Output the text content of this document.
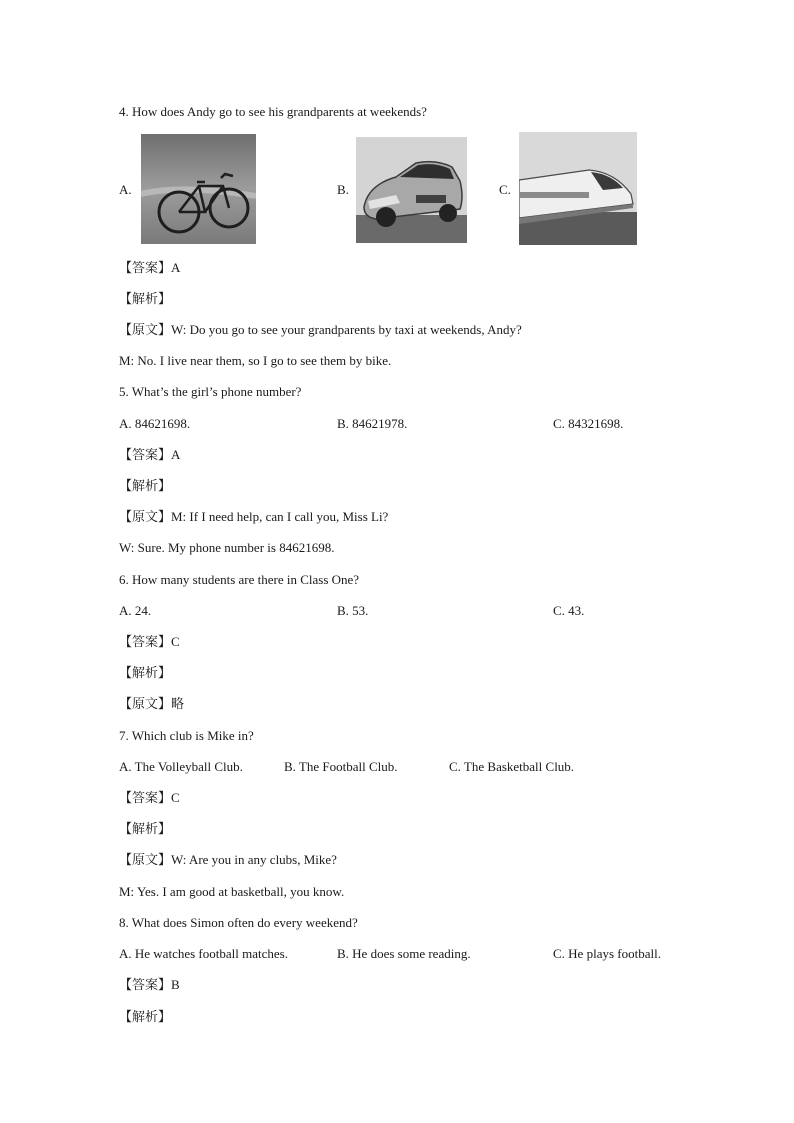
4. How does Andy go to see his grandparents at weekends?
A.	B.	C.
【答案】A
【解析】
【原文】W: Do you go to see your grandparents by taxi at weekends, Andy?
M: No. I live near them, so I go to see them by bike.
5. What’s the girl’s phone number?
A. 84621698.	B. 84621978.	C. 84321698.
【答案】A
【解析】
【原文】M: If I need help, can I call you, Miss Li?
W: Sure. My phone number is 84621698.
6. How many students are there in Class One?
A. 24.	B. 53.	C. 43.
【答案】C
【解析】
【原文】略
7. Which club is Mike in?
A. The Volleyball Club.	B. The Football Club.	C. The Basketball Club.
【答案】C
【解析】
【原文】W: Are you in any clubs, Mike?
M: Yes. I am good at basketball, you know.
8. What does Simon often do every weekend?
A. He watches football matches.	B. He does some reading.	C. He plays football.
【答案】B
【解析】
